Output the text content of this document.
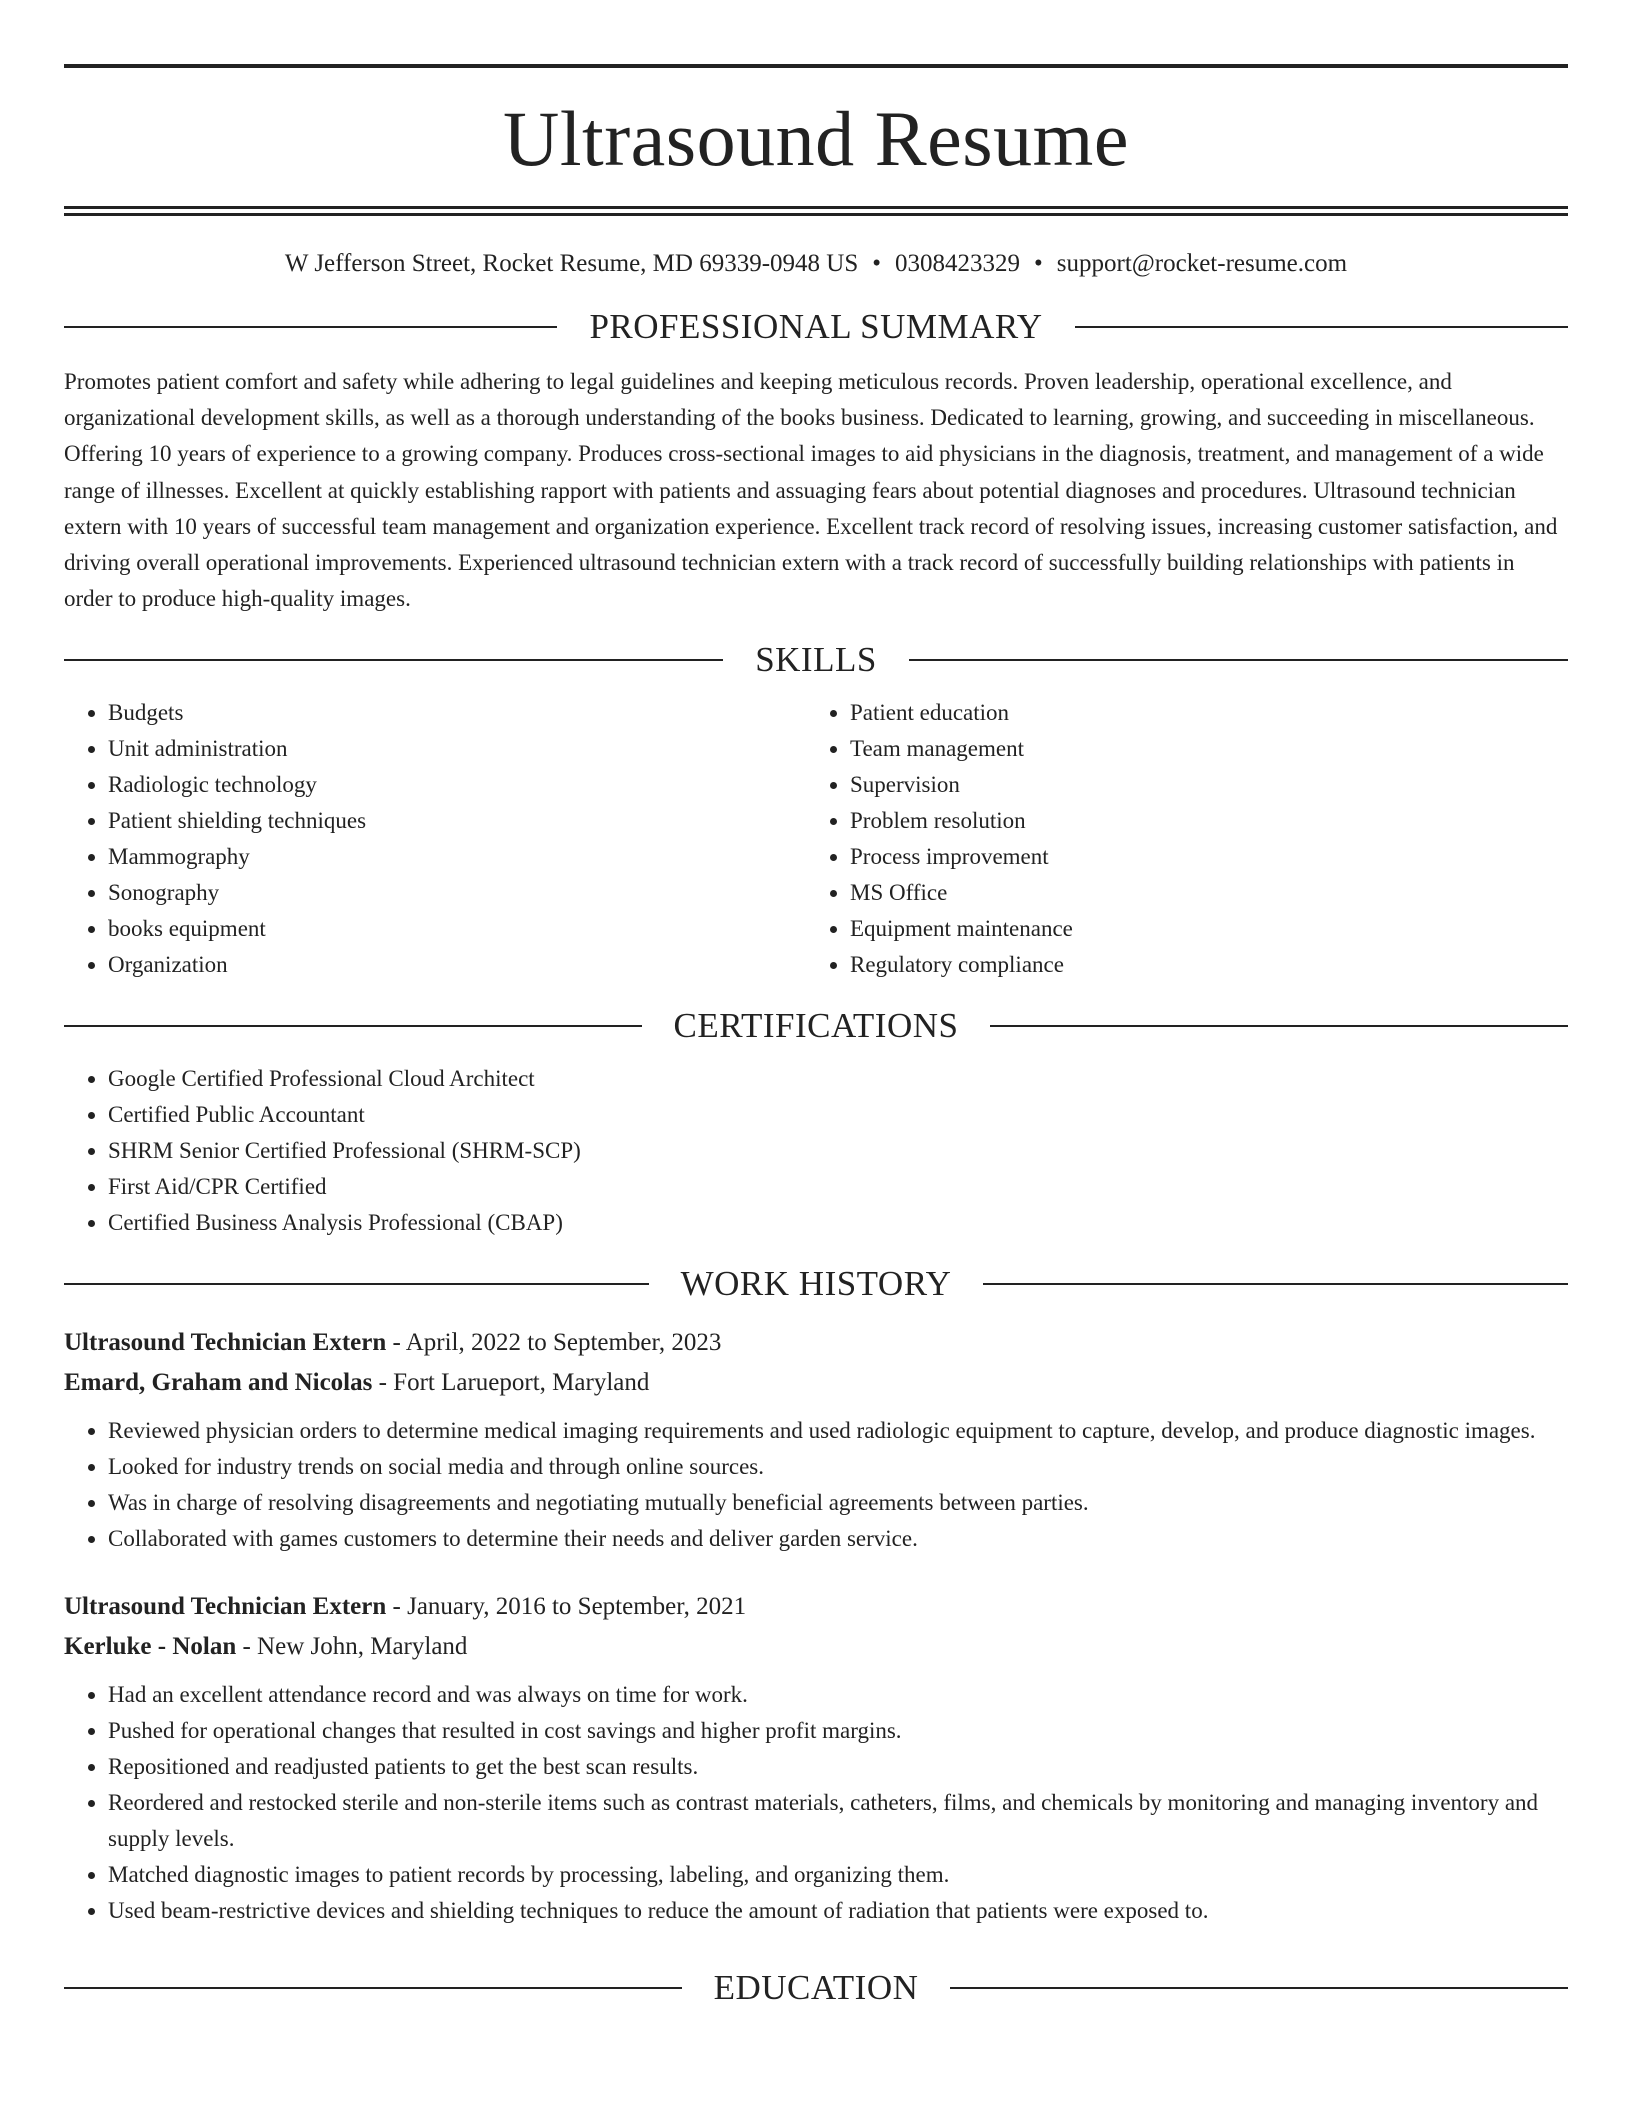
Ultrasound Resume
W Jefferson Street, Rocket Resume, MD 69339-0948 US • 0308423329 • support@rocket-resume.com
PROFESSIONAL SUMMARY

Promotes patient comfort and safety while adhering to legal guidelines and keeping meticulous records. Proven leadership, operational excellence, and organizational development skills, as well as a thorough understanding of the books business. Dedicated to learning, growing, and succeeding in miscellaneous. Offering 10 years of experience to a growing company. Produces cross-sectional images to aid physicians in the diagnosis, treatment, and management of a wide range of illnesses. Excellent at quickly establishing rapport with patients and assuaging fears about potential diagnoses and procedures. Ultrasound technician extern with 10 years of successful team management and organization experience. Excellent track record of resolving issues, increasing customer satisfaction, and driving overall operational improvements. Experienced ultrasound technician extern with a track record of successfully building relationships with patients in order to produce high-quality images.

SKILLS
• Budgets
• Unit administration
• Radiologic technology
• Patient shielding techniques
• Mammography
• Sonography
• books equipment
• Organization
• Patient education
• Team management
• Supervision
• Problem resolution
• Process improvement
• MS Office
• Equipment maintenance
• Regulatory compliance
CERTIFICATIONS
• Google Certified Professional Cloud Architect
• Certified Public Accountant
• SHRM Senior Certified Professional (SHRM-SCP)
• First Aid/CPR Certified
• Certified Business Analysis Professional (CBAP)
WORK HISTORY
Ultrasound Technician Extern - April, 2022 to September, 2023
Emard, Graham and Nicolas - Fort Larueport, Maryland
• Reviewed physician orders to determine medical imaging requirements and used radiologic equipment to capture, develop, and produce diagnostic images.
• Looked for industry trends on social media and through online sources.
• Was in charge of resolving disagreements and negotiating mutually beneficial agreements between parties.
• Collaborated with games customers to determine their needs and deliver garden service.
Ultrasound Technician Extern - January, 2016 to September, 2021
Kerluke - Nolan - New John, Maryland
• Had an excellent attendance record and was always on time for work.
• Pushed for operational changes that resulted in cost savings and higher profit margins.
• Repositioned and readjusted patients to get the best scan results.
• Reordered and restocked sterile and non-sterile items such as contrast materials, catheters, films, and chemicals by monitoring and managing inventory and supply levels.
• Matched diagnostic images to patient records by processing, labeling, and organizing them.
• Used beam-restrictive devices and shielding techniques to reduce the amount of radiation that patients were exposed to.
EDUCATION
